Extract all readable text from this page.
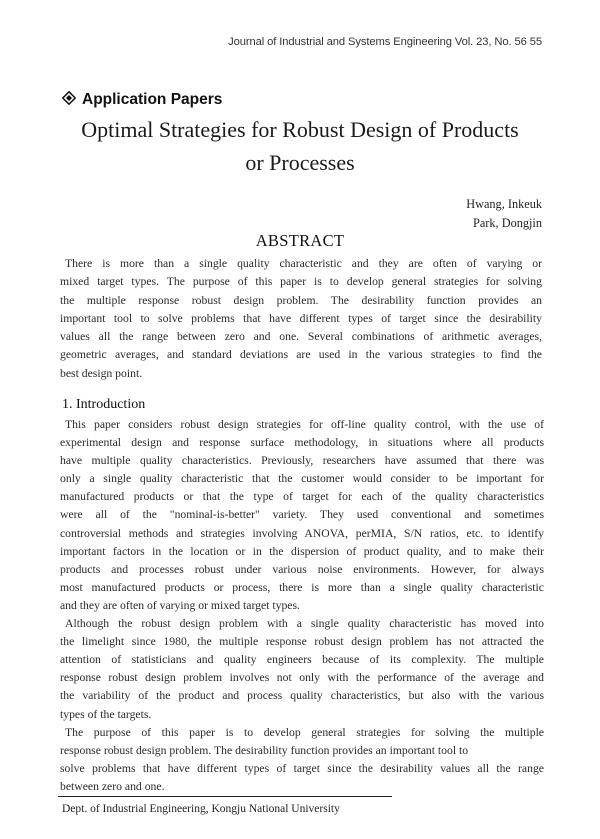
Journal of Industrial and Systems Engineering Vol. 23, No. 56 55
Application Papers
Optimal Strategies for Robust Design of Products
or Processes
Hwang, Inkeuk
Park, Dongjin
ABSTRACT
There is more than a single quality characteristic and they are often of varying or
mixed target types. The purpose of this paper is to develop general strategies for solving
the multiple response robust design problem. The desirability function provides an
important tool to solve problems that have different types of target since the desirability
values all the range between zero and one. Several combinations of arithmetic averages,
geometric averages, and standard deviations are used in the various strategies to find the
best design point.
1. Introduction
This paper considers robust design strategies for off-line quality control, with the use of
experimental design and response surface methodology, in situations where all products
have multiple quality characteristics. Previously, researchers have assumed that there was
only a single quality characteristic that the customer would consider to be important for
manufactured products or that the type of target for each of the quality characteristics
were all of the "nominal-is-better" variety. They used conventional and sometimes
controversial methods and strategies involving ANOVA, perMIA, S/N ratios, etc. to identify
important factors in the location or in the dispersion of product quality, and to make their
products and processes robust under various noise environments. However, for always
most manufactured products or process, there is more than a single quality characteristic
and they are often of varying or mixed target types.
Although the robust design problem with a single quality characteristic has moved into
the limelight since 1980, the multiple response robust design problem has not attracted the
attention of statisticians and quality engineers because of its complexity. The multiple
response robust design problem involves not only with the performance of the average and
the variability of the product and process quality characteristics, but also with the various
types of the targets.
The purpose of this paper is to develop general strategies for solving the multiple
response robust design problem. The desirability function provides an important tool to
solve problems that have different types of target since the desirability values all the range
between zero and one.
Dept. of Industrial Engineering, Kongju National University
